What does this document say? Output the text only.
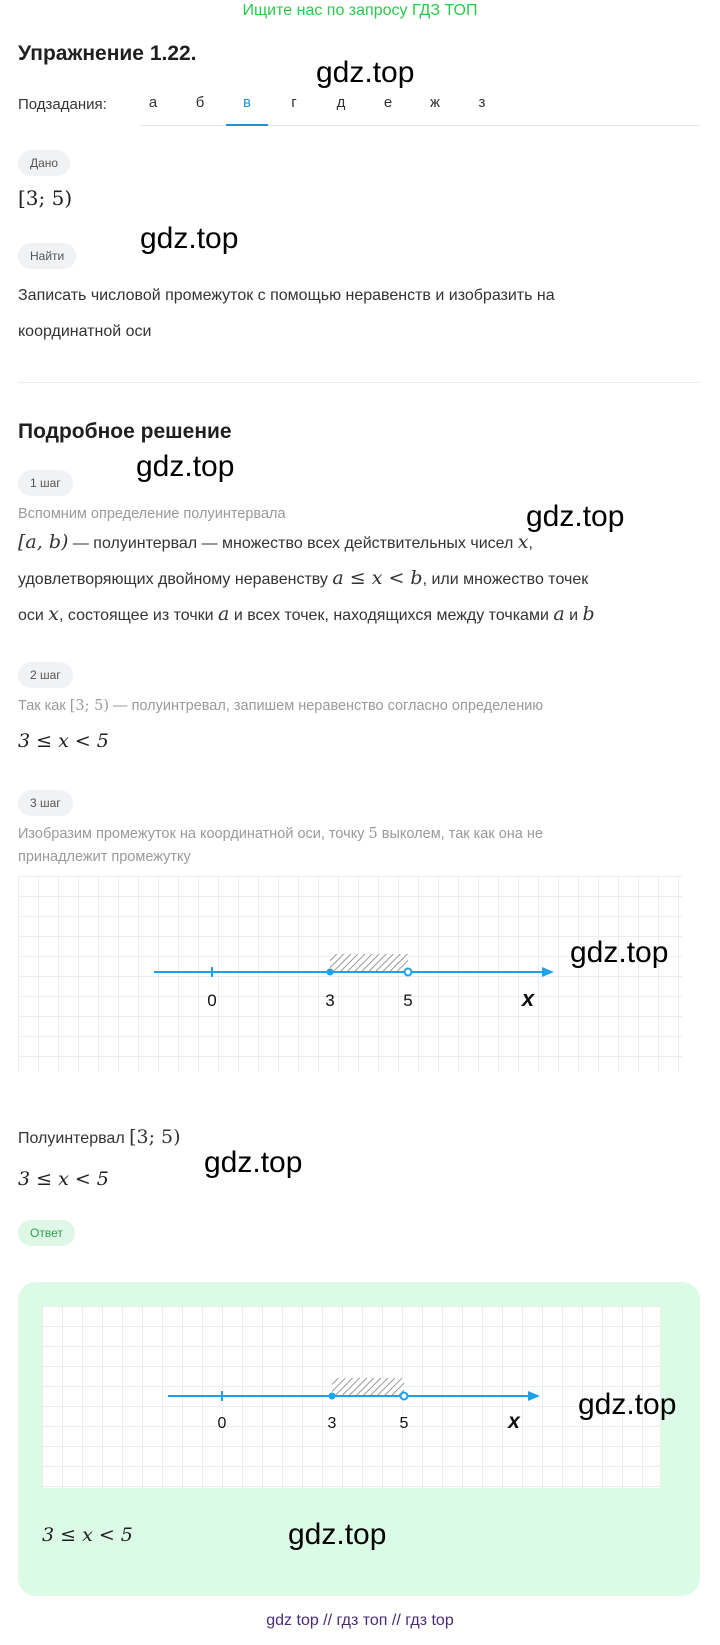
Ищите нас по запросу ГДЗ ТОП
Упражнение 1.22.
Подзадания:	а	б	в	г	д	е	ж	з
Дано
[3; 5)
Найти
Записать числовой промежуток с помощью неравенств и изобразить на
координатной оси
Подробное решение
1 шаг
Вспомним определение полуинтервала
[a, b) — полуинтервал — множество всех действительных чисел x,
удовлетворяющих двойному неравенству a ≤ x < b, или множество точек
оси x, состоящее из точки a и всех точек, находящихся между точками a и b
2 шаг
Так как [3; 5) — полуинтревал, запишем неравенство согласно определению
3 ≤ x < 5
3 шаг
Изобразим промежуток на координатной оси, точку 5 выколем, так как она не
принадлежит промежутку
0	3	5	x
Полуинтервал [3; 5)
3 ≤ x < 5
Ответ
0	3	5	x
3 ≤ x < 5
gdz.top
gdz.top
gdz.top
gdz.top
gdz.top
gdz.top
gdz.top
gdz.top
gdz top // гдз топ // гдз top
